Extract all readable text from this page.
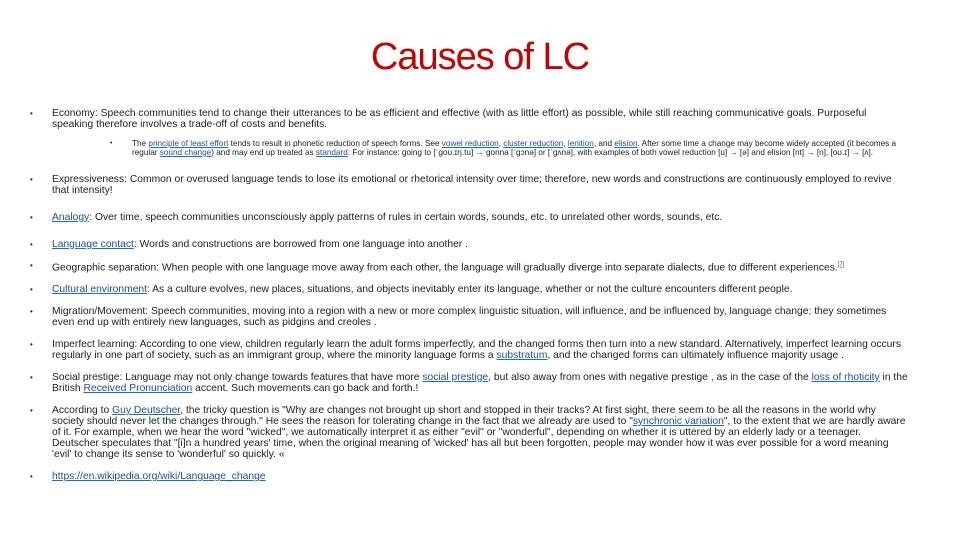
Causes of LC
• Economy: Speech communities tend to change their utterances to be as efficient and effective (with as little effort) as possible, while still reaching communicative goals. Purposeful speaking therefore involves a trade-off of costs and benefits.
• The principle of least effort tends to result in phonetic reduction of speech forms. See vowel reduction, cluster reduction, lenition, and elision. After some time a change may become widely accepted (it becomes a regular sound change) and may end up treated as standard. For instance: going to [ˈɡoʊ.ɪŋ.tu] → gonna [ˈɡɔnə] or [ˈɡʌnə], with examples of both vowel reduction [u] → [ə] and elision [nt] → [n], [oʊ.ɪ] → [ʌ].
• Expressiveness: Common or overused language tends to lose its emotional or rhetorical intensity over time; therefore, new words and constructions are continuously employed to revive that intensity!
• Analogy: Over time, speech communities unconsciously apply patterns of rules in certain words, sounds, etc. to unrelated other words, sounds, etc.
• Language contact: Words and constructions are borrowed from one language into another .
• Geographic separation: When people with one language move away from each other, the language will gradually diverge into separate dialects, due to different experiences.[7]
• Cultural environment: As a culture evolves, new places, situations, and objects inevitably enter its language, whether or not the culture encounters different people.
• Migration/Movement: Speech communities, moving into a region with a new or more complex linguistic situation, will influence, and be influenced by, language change; they sometimes even end up with entirely new languages, such as pidgins and creoles .
• Imperfect learning: According to one view, children regularly learn the adult forms imperfectly, and the changed forms then turn into a new standard. Alternatively, imperfect learning occurs regularly in one part of society, such as an immigrant group, where the minority language forms a substratum, and the changed forms can ultimately influence majority usage .
• Social prestige: Language may not only change towards features that have more social prestige, but also away from ones with negative prestige , as in the case of the loss of rhoticity in the British Received Pronunciation accent. Such movements can go back and forth.!
• According to Guy Deutscher, the tricky question is "Why are changes not brought up short and stopped in their tracks? At first sight, there seem to be all the reasons in the world why society should never let the changes through." He sees the reason for tolerating change in the fact that we already are used to "synchronic variation", to the extent that we are hardly aware of it. For example, when we hear the word "wicked", we automatically interpret it as either "evil" or "wonderful", depending on whether it is uttered by an elderly lady or a teenager. Deutscher speculates that "[i]n a hundred years' time, when the original meaning of 'wicked' has all but been forgotten, people may wonder how it was ever possible for a word meaning 'evil' to change its sense to 'wonderful' so quickly. «
• https://en.wikipedia.org/wiki/Language_change
